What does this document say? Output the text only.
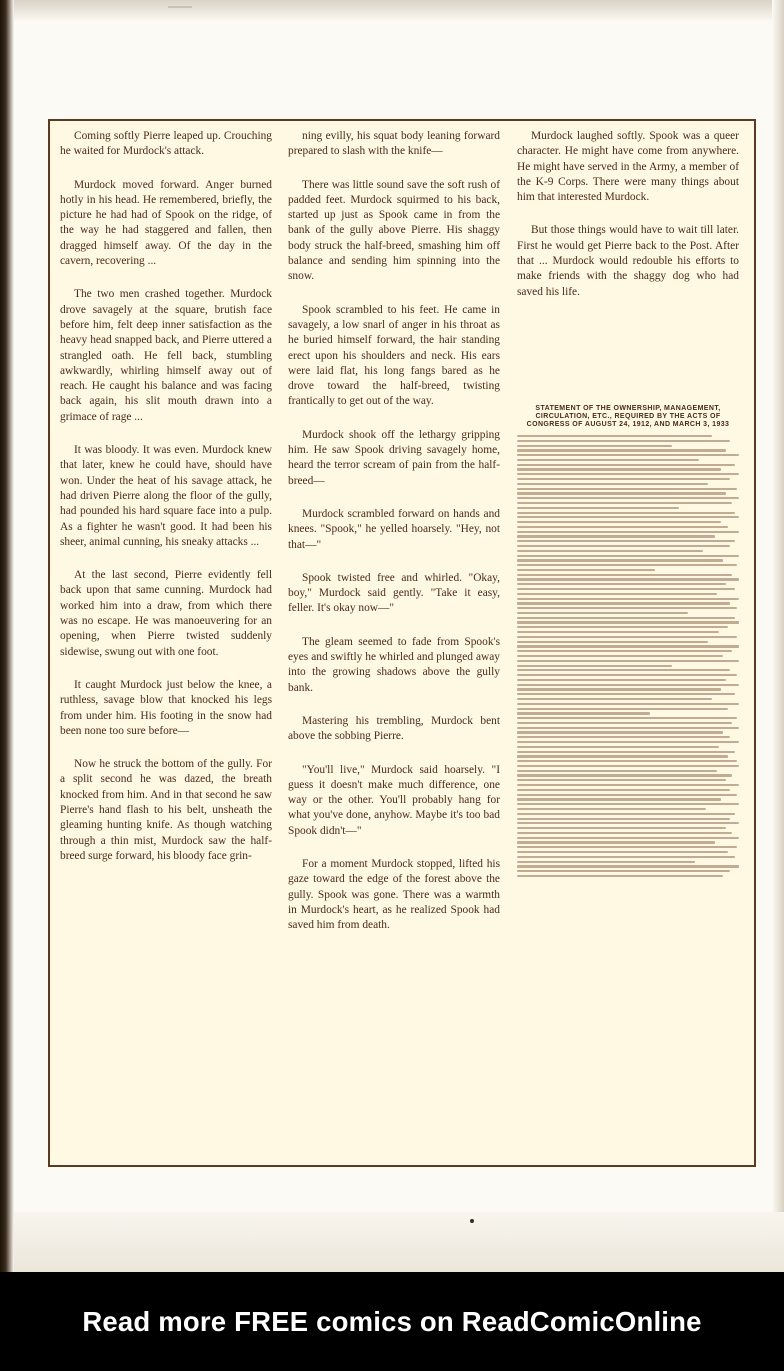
Coming softly Pierre leaped up. Crouching he waited for Murdock's attack.

Murdock moved forward. Anger burned hotly in his head. He remembered, briefly, the picture he had had of Spook on the ridge, of the way he had staggered and fallen, then dragged himself away. Of the day in the cavern, recovering ...

The two men crashed together. Murdock drove savagely at the square, brutish face before him, felt deep inner satisfaction as the heavy head snapped back, and Pierre uttered a strangled oath. He fell back, stumbling awkwardly, whirling himself away out of reach. He caught his balance and was facing back again, his slit mouth drawn into a grimace of rage ...

It was bloody. It was even. Murdock knew that later, knew he could have, should have won. Under the heat of his savage attack, he had driven Pierre along the floor of the gully, had pounded his hard square face into a pulp. As a fighter he wasn't good. It had been his sheer, animal cunning, his sneaky attacks ...

At the last second, Pierre evidently fell back upon that same cunning. Murdock had worked him into a draw, from which there was no escape. He was manoeuvering for an opening, when Pierre twisted suddenly sidewise, swung out with one foot.

It caught Murdock just below the knee, a ruthless, savage blow that knocked his legs from under him. His footing in the snow had been none too sure before—

Now he struck the bottom of the gully. For a split second he was dazed, the breath knocked from him. And in that second he saw Pierre's hand flash to his belt, unsheath the gleaming hunting knife. As though watching through a thin mist, Murdock saw the half-breed surge forward, his bloody face grin-

ning evilly, his squat body leaning forward prepared to slash with the knife—

There was little sound save the soft rush of padded feet. Murdock squirmed to his back, started up just as Spook came in from the bank of the gully above Pierre. His shaggy body struck the half-breed, smashing him off balance and sending him spinning into the snow.

Spook scrambled to his feet. He came in savagely, a low snarl of anger in his throat as he buried himself forward, the hair standing erect upon his shoulders and neck. His ears were laid flat, his long fangs bared as he drove toward the half-breed, twisting frantically to get out of the way.

Murdock shook off the lethargy gripping him. He saw Spook driving savagely home, heard the terror scream of pain from the half-breed—

Murdock scrambled forward on hands and knees. "Spook," he yelled hoarsely. "Hey, not that—"

Spook twisted free and whirled. "Okay, boy," Murdock said gently. "Take it easy, feller. It's okay now—"

The gleam seemed to fade from Spook's eyes and swiftly he whirled and plunged away into the growing shadows above the gully bank.

Mastering his trembling, Murdock bent above the sobbing Pierre.

"You'll live," Murdock said hoarsely. "I guess it doesn't make much difference, one way or the other. You'll probably hang for what you've done, anyhow. Maybe it's too bad Spook didn't—"

For a moment Murdock stopped, lifted his gaze toward the edge of the forest above the gully. Spook was gone. There was a warmth in Murdock's heart, as he realized Spook had saved him from death.

Murdock laughed softly. Spook was a queer character. He might have come from anywhere. He might have served in the Army, a member of the K-9 Corps. There were many things about him that interested Murdock.

But those things would have to wait till later. First he would get Pierre back to the Post. After that ... Murdock would redouble his efforts to make friends with the shaggy dog who had saved his life.

STATEMENT OF THE OWNERSHIP, MANAGEMENT, CIRCULATION, ETC., REQUIRED BY THE ACTS OF CONGRESS OF AUGUST 24, 1912, AND MARCH 3, 1933
Read more FREE comics on ReadComicOnline
